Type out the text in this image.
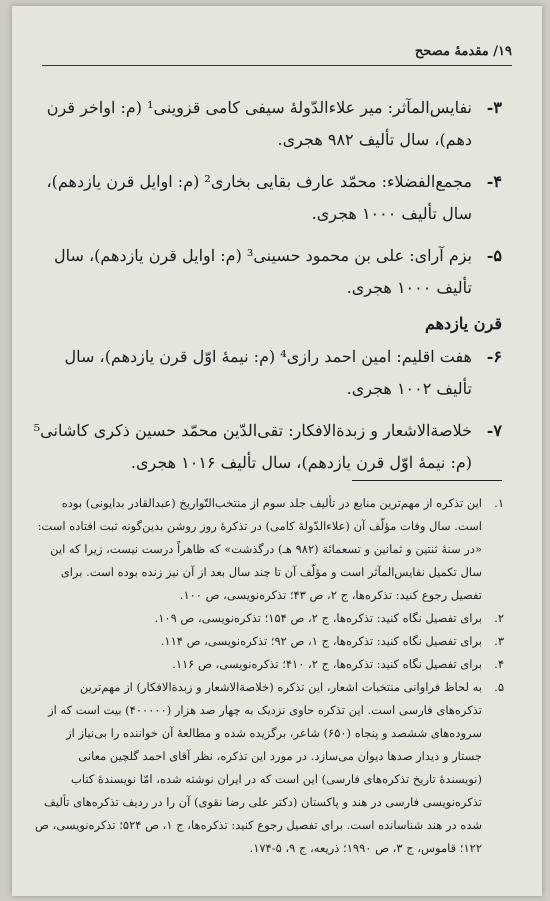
۱۹/ مقدمهٔ مصحح
۳-
نفایس‌المآثر: میر علاءالدّولهٔ سیفی کامی قزوینی¹ (م: اواخر قرن دهم)، سال تألیف ۹۸۲ هجری.
۴-
مجمع‌الفضلاء: محمّد عارف بقایی بخاری² (م: اوایل قرن یازدهم)، سال تألیف ۱۰۰۰ هجری.
۵-
بزم آرای: علی بن محمود حسینی³ (م: اوایل قرن یازدهم)، سال تألیف ۱۰۰۰ هجری.
قرن یازدهم
۶-
هفت اقلیم: امین احمد رازی⁴ (م: نیمهٔ اوّل قرن یازدهم)، سال تألیف ۱۰۰۲ هجری.
۷-
خلاصة‌الاشعار و زبدة‌الافکار: تقی‌الدّین محمّد حسین ذکری کاشانی⁵ (م: نیمهٔ اوّل قرن یازدهم)، سال تألیف ۱۰۱۶ هجری.
۱.
این تذکره از مهم‌ترین منابع در تألیف جلد سوم از منتخب‌التّواریخ (عبدالقادر بدایونی) بوده است. سال وفات مؤلّف آن (علاءالدّولهٔ کامی) در تذکرهٔ روز روشن بدین‌گونه ثبت افتاده است: «در سنهٔ ثنتین و ثمانین و تسعمائة (۹۸۲ هـ) درگذشت» که ظاهراً درست نیست، زیرا که این سال تکمیل نفایس‌المآثر است و مؤلّف آن تا چند سال بعد از آن نیز زنده بوده است. برای تفصیل رجوع کنید: تذکره‌ها، ج ۲، ص ۴۳؛ تذکره‌نویسی، ص ۱۰۰.
۲.
برای تفصیل نگاه کنید: تذکره‌ها، ج ۲، ص ۱۵۴؛ تذکره‌نویسی، ص ۱۰۹.
۳.
برای تفصیل نگاه کنید: تذکره‌ها، ج ۱، ص ۹۲؛ تذکره‌نویسی، ص ۱۱۴.
۴.
برای تفصیل نگاه کنید: تذکره‌ها، ج ۲، ۴۱۰؛ تذکره‌نویسی، ص ۱۱۶.
۵.
به لحاظ فراوانی منتخبات اشعار، این تذکره (خلاصة‌الاشعار و زبدة‌الافکار) از مهم‌ترین تذکره‌های فارسی است. این تذکره حاوی نزدیک به چهار صد هزار (۴۰۰۰۰۰) بیت است که از سروده‌های ششصد و پنجاه (۶۵۰) شاعر، برگزیده شده و مطالعهٔ آن خواننده را بی‌نیاز از جستار و دیدار صدها دیوان می‌سازد. در مورد این تذکره، نظر آقای احمد گلچین معانی (نویسندهٔ تاریخ تذکره‌های فارسی) این است که در ایران نوشته شده، امّا نویسندهٔ کتاب تذکره‌نویسی فارسی در هند و پاکستان (دکتر علی رضا نقوی) آن را در ردیف تذکره‌های تألیف شده در هند شناسانده است. برای تفصیل رجوع کنید: تذکره‌ها، ج ۱، ص ۵۲۴؛ تذکره‌نویسی، ص ۱۲۲؛ قاموس، ج ۳، ص ۱۹۹۰؛ ذریعه، ج ۹، ۵-۱۷۴.
